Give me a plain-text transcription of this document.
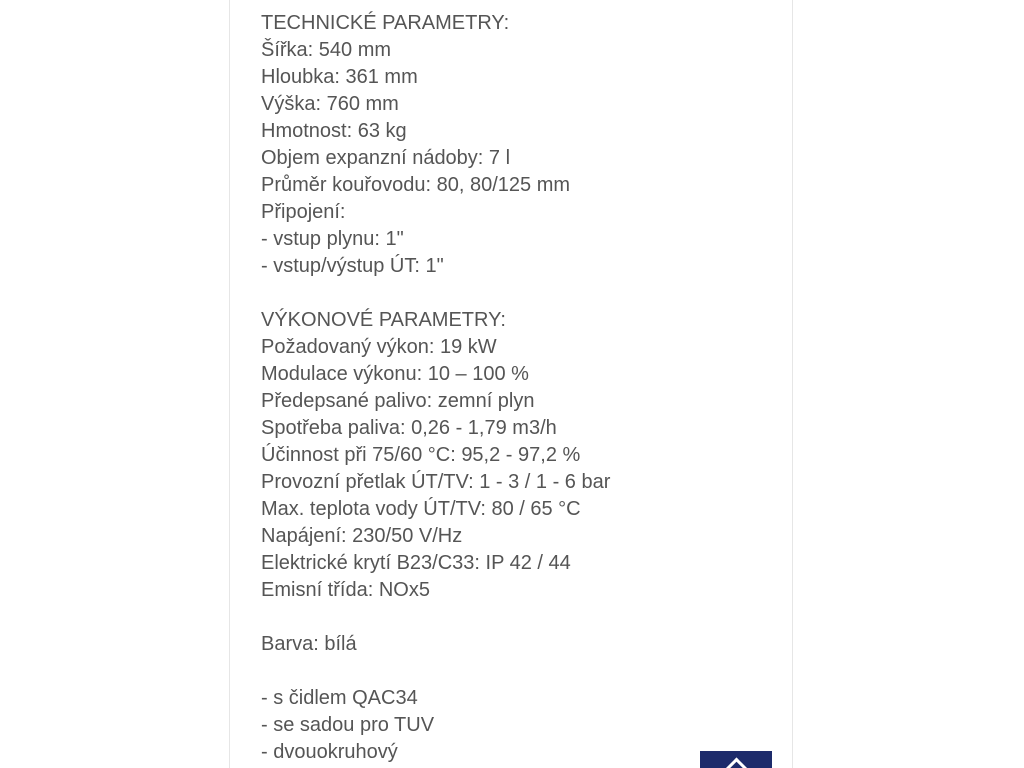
TECHNICKÉ PARAMETRY:
Šířka: 540 mm
Hloubka: 361 mm
Výška: 760 mm
Hmotnost: 63 kg
Objem expanzní nádoby: 7 l
Průměr kouřovodu: 80, 80/125 mm
Připojení:
- vstup plynu: 1"
- vstup/výstup ÚT: 1"
VÝKONOVÉ PARAMETRY:
Požadovaný výkon: 19 kW
Modulace výkonu: 10 – 100 %
Předepsané palivo: zemní plyn
Spotřeba paliva: 0,26 - 1,79 m3/h
Účinnost při 75/60 °C: 95,2 - 97,2 %
Provozní přetlak ÚT/TV: 1 - 3 / 1 - 6 bar
Max. teplota vody ÚT/TV: 80 / 65 °C
Napájení: 230/50 V/Hz
Elektrické krytí B23/C33: IP 42 / 44
Emisní třída: NOx5
Barva: bílá
- s čidlem QAC34
- se sadou pro TUV
- dvouokruhový
